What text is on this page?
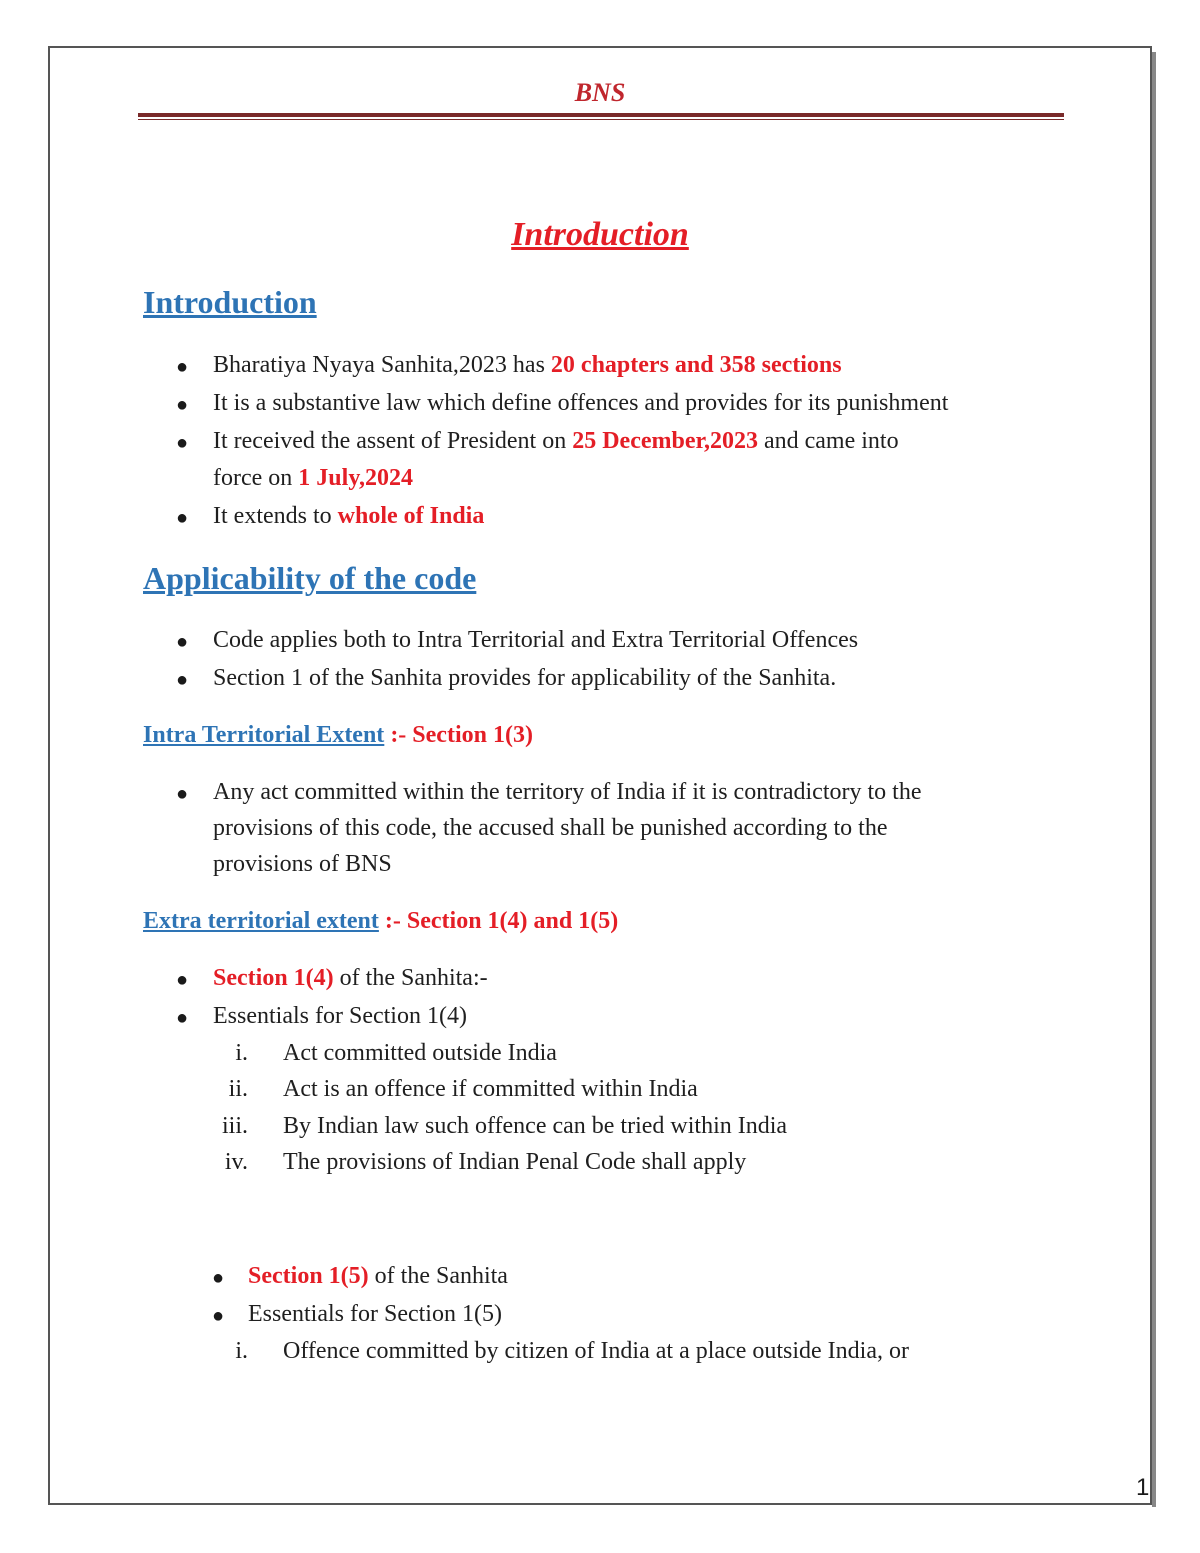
BNS
Introduction
Introduction
● Bharatiya Nyaya Sanhita,2023 has 20 chapters and 358 sections
● It is a substantive law which define offences and provides for its punishment
● It received the assent of President on 25 December,2023 and came into
force on 1 July,2024
● It extends to whole of India
Applicability of the code
● Code applies both to Intra Territorial and Extra Territorial Offences
● Section 1 of the Sanhita provides for applicability of the Sanhita.
Intra Territorial Extent :- Section 1(3)
● Any act committed within the territory of India if it is contradictory to the
provisions of this code, the accused shall be punished according to the
provisions of BNS
Extra territorial extent :- Section 1(4) and 1(5)
● Section 1(4) of the Sanhita:-
● Essentials for Section 1(4)
i. Act committed outside India
ii. Act is an offence if committed within India
iii. By Indian law such offence can be tried within India
iv. The provisions of Indian Penal Code shall apply
● Section 1(5) of the Sanhita
● Essentials for Section 1(5)
i. Offence committed by citizen of India at a place outside India, or
1
